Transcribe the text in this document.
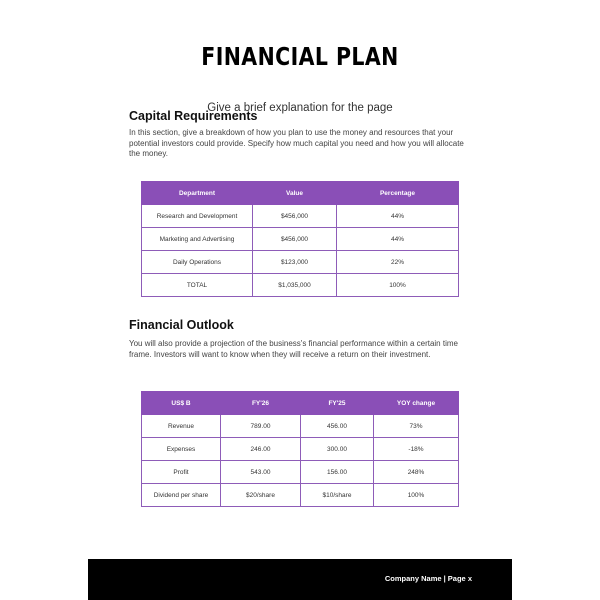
FINANCIAL PLAN
Give a brief explanation for the page
Capital Requirements
In this section, give a breakdown of how you plan to use the money and resources that your potential investors could provide. Specify how much capital you need and how you will allocate the money.
Department	Value	Percentage
Research and Development	$456,000	44%
Marketing and Advertising	$456,000	44%
Daily Operations	$123,000	22%
TOTAL	$1,035,000	100%
Financial Outlook
You will also provide a projection of the business's financial performance within a certain time frame. Investors will want to know when they will receive a return on their investment.
US$ B	FY'26	FY'25	YOY change
Revenue	789.00	456.00	73%
Expenses	246.00	300.00	-18%
Profit	543.00	156.00	248%
Dividend per share	$20/share	$10/share	100%
Company Name | Page x
